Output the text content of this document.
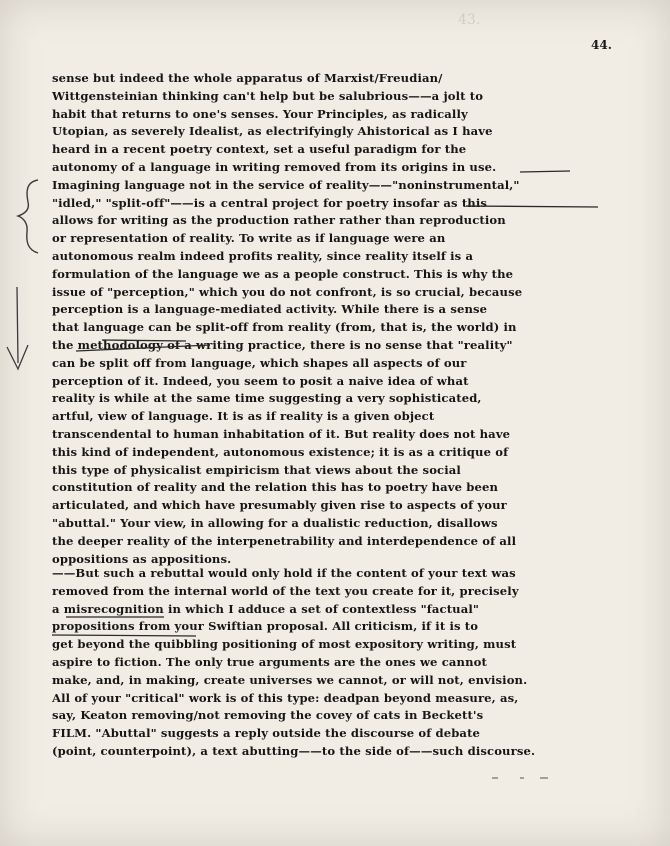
43.
44.
sense but indeed the whole apparatus of Marxist/Freudian/
Wittgensteinian thinking can't help but be salubrious——a jolt to
habit that returns to one's senses. Your Principles, as radically
Utopian, as severely Idealist, as electrifyingly Ahistorical as I have
heard in a recent poetry context, set a useful paradigm for the
autonomy of a language in writing removed from its origins in use.
Imagining language not in the service of reality——"noninstrumental,"
"idled," "split-off"——is a central project for poetry insofar as this
allows for writing as the production rather rather than reproduction
or representation of reality. To write as if language were an
autonomous realm indeed profits reality, since reality itself is a
formulation of the language we as a people construct. This is why the
issue of "perception," which you do not confront, is so crucial, because
perception is a language-mediated activity. While there is a sense
that language can be split-off from reality (from, that is, the world) in
the methodology of a writing practice, there is no sense that "reality"
can be split off from language, which shapes all aspects of our
perception of it. Indeed, you seem to posit a naive idea of what
reality is while at the same time suggesting a very sophisticated,
artful, view of language. It is as if reality is a given object
transcendental to human inhabitation of it. But reality does not have
this kind of independent, autonomous existence; it is as a critique of
this type of physicalist empiricism that views about the social
constitution of reality and the relation this has to poetry have been
articulated, and which have presumably given rise to aspects of your
"abuttal." Your view, in allowing for a dualistic reduction, disallows
the deeper reality of the interpenetrability and interdependence of all
oppositions as appositions.
——But such a rebuttal would only hold if the content of your text was
removed from the internal world of the text you create for it, precisely
a misrecognition in which I adduce a set of contextless "factual"
propositions from your Swiftian proposal. All criticism, if it is to
get beyond the quibbling positioning of most expository writing, must
aspire to fiction. The only true arguments are the ones we cannot
make, and, in making, create universes we cannot, or will not, envision.
All of your "critical" work is of this type: deadpan beyond measure, as,
say, Keaton removing/not removing the covey of cats in Beckett's
FILM. "Abuttal" suggests a reply outside the discourse of debate
(point, counterpoint), a text abutting——to the side of——such discourse.
